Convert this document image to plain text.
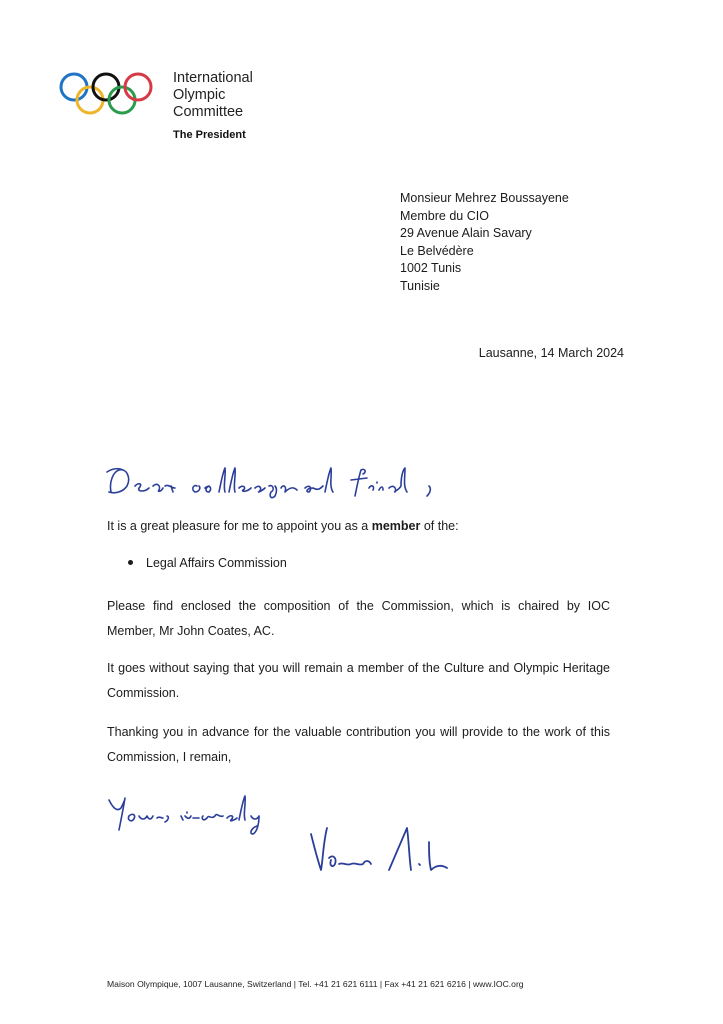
International
Olympic
Committee
The President
Monsieur Mehrez Boussayene
Membre du CIO
29 Avenue Alain Savary
Le Belvédère
1002 Tunis
Tunisie
Lausanne, 14 March 2024
Dear colleague and friend,
It is a great pleasure for me to appoint you as a member of the:
Legal Affairs Commission
Please find enclosed the composition of the Commission, which is chaired by IOC Member, Mr John Coates, AC.
It goes without saying that you will remain a member of the Culture and Olympic Heritage Commission.
Thanking you in advance for the valuable contribution you will provide to the work of this Commission, I remain,
Yours sincerely
Thomas Bach
Maison Olympique, 1007 Lausanne, Switzerland | Tel. +41 21 621 6111 | Fax +41 21 621 6216 | www.IOC.org
